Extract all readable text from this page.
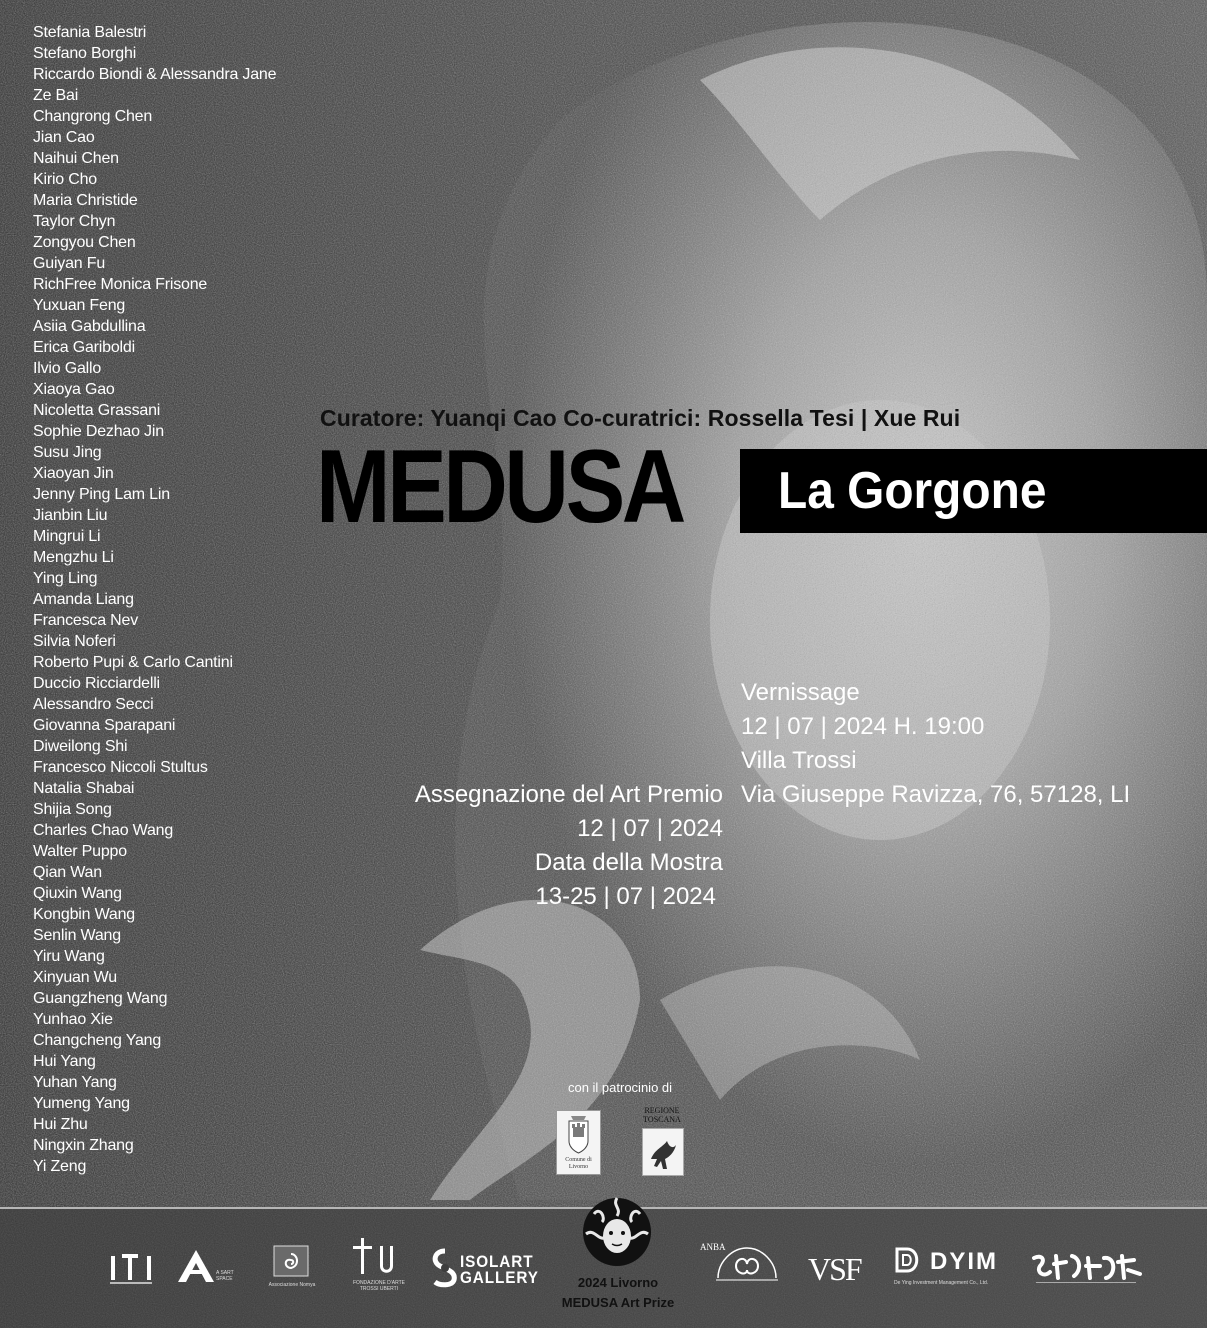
Stefania Balestri
Stefano Borghi
Riccardo Biondi & Alessandra Jane
Ze Bai
Changrong Chen
Jian Cao
Naihui Chen
Kirio Cho
Maria Christide
Taylor Chyn
Zongyou Chen
Guiyan Fu
RichFree Monica Frisone
Yuxuan Feng
Asiia Gabdullina
Erica Gariboldi
Ilvio Gallo
Xiaoya Gao
Nicoletta Grassani
Sophie Dezhao Jin
Susu Jing
Xiaoyan Jin
Jenny Ping Lam Lin
Jianbin Liu
Mingrui Li
Mengzhu Li
Ying Ling
Amanda Liang
Francesca Nev
Silvia Noferi
Roberto Pupi & Carlo Cantini
Duccio Ricciardelli
Alessandro Secci
Giovanna Sparapani
Diweilong Shi
Francesco Niccoli Stultus
Natalia Shabai
Shijia Song
Charles Chao Wang
Walter Puppo
Qian Wan
Qiuxin Wang
Kongbin Wang
Senlin Wang
Yiru Wang
Xinyuan Wu
Guangzheng Wang
Yunhao Xie
Changcheng Yang
Hui Yang
Yuhan Yang
Yumeng Yang
Hui Zhu
Ningxin Zhang
Yi Zeng
Curatore: Yuanqi Cao Co-curatrici: Rossella Tesi | Xue Rui
MEDUSA La Gorgone
Vernissage
12 | 07 | 2024 H. 19:00
Villa Trossi
Via Giuseppe Ravizza, 76, 57128, LI
Assegnazione del Art Premio
12 | 07 | 2024
Data della Mostra
13-25 | 07 | 2024
con il patrocinio di
Comune di Livorno
REGIONE TOSCANA
A SART SPACE
Associazione Nomya	FONDAZIONE D'ARTE TROSSI UBERTI
ISOLART
GALLERY	2024 Livorno
MEDUSA Art Prize
ANBA
VSF	DYIM
De Ying Investment Management Co., Ltd.
